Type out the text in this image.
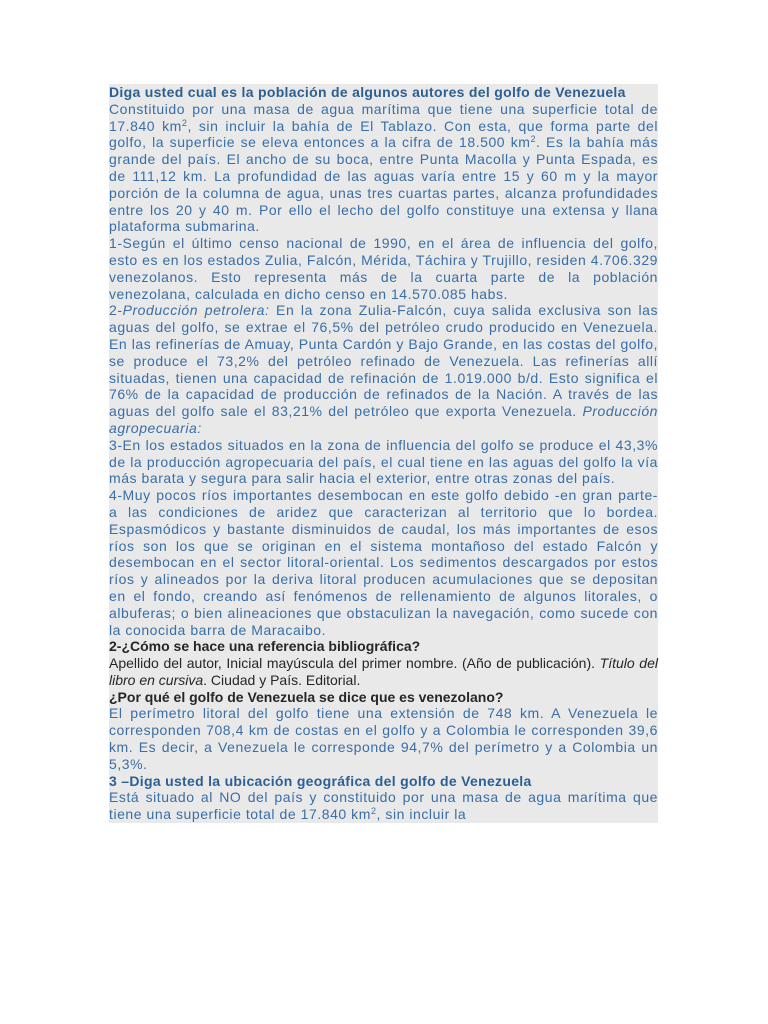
Diga usted cual es la población de algunos autores del golfo de Venezuela

Constituido por una masa de agua marítima que tiene una superficie total de 17.840 $km^2$, sin incluir la bahía de El Tablazo. Con esta, que forma parte del golfo, la superficie se eleva entonces a la cifra de 18.500 $km^2$. Es la bahía más grande del país. El ancho de su boca, entre Punta Macolla y Punta Espada, es de 111,12 km. La profundidad de las aguas varía entre 15 y 60 m y la mayor porción de la columna de agua, unas tres cuartas partes, alcanza profundidades entre los 20 y 40 m. Por ello el lecho del golfo constituye una extensa y llana plataforma submarina.

1-Según el último censo nacional de 1990, en el área de influencia del golfo, esto es en los estados Zulia, Falcón, Mérida, Táchira y Trujillo, residen 4.706.329 venezolanos. Esto representa más de la cuarta parte de la población venezolana, calculada en dicho censo en 14.570.085 habs.

2-Producción petrolera: En la zona Zulia-Falcón, cuya salida exclusiva son las aguas del golfo, se extrae el 76,5% del petróleo crudo producido en Venezuela. En las refinerías de Amuay, Punta Cardón y Bajo Grande, en las costas del golfo, se produce el 73,2% del petróleo refinado de Venezuela. Las refinerías allí situadas, tienen una capacidad de refinación de 1.019.000 b/d. Esto significa el 76% de la capacidad de producción de refinados de la Nación. A través de las aguas del golfo sale el 83,21% del petróleo que exporta Venezuela. Producción agropecuaria:

3-En los estados situados en la zona de influencia del golfo se produce el 43,3% de la producción agropecuaria del país, el cual tiene en las aguas del golfo la vía más barata y segura para salir hacia el exterior, entre otras zonas del país.

4-Muy pocos ríos importantes desembocan en este golfo debido -en gran parte- a las condiciones de aridez que caracterizan al territorio que lo bordea. Espasmódicos y bastante disminuidos de caudal, los más importantes de esos ríos son los que se originan en el sistema montañoso del estado Falcón y desembocan en el sector litoral-oriental. Los sedimentos descargados por estos ríos y alineados por la deriva litoral producen acumulaciones que se depositan en el fondo, creando así fenómenos de rellenamiento de algunos litorales, o albuferas; o bien alineaciones que obstaculizan la navegación, como sucede con la conocida barra de Maracaibo.

2-¿Cómo se hace una referencia bibliográfica?

Apellido del autor, Inicial mayúscula del primer nombre. (Año de publicación). Título del libro en cursiva. Ciudad y País. Editorial.

¿Por qué el golfo de Venezuela se dice que es venezolano?

El perímetro litoral del golfo tiene una extensión de 748 km. A Venezuela le corresponden 708,4 km de costas en el golfo y a Colombia le corresponden 39,6 km. Es decir, a Venezuela le corresponde 94,7% del perímetro y a Colombia un 5,3%.

3 –Diga usted la ubicación geográfica del golfo de Venezuela

Está situado al NO del país y constituido por una masa de agua marítima que tiene una superficie total de 17.840 $km^2$, sin incluir la
